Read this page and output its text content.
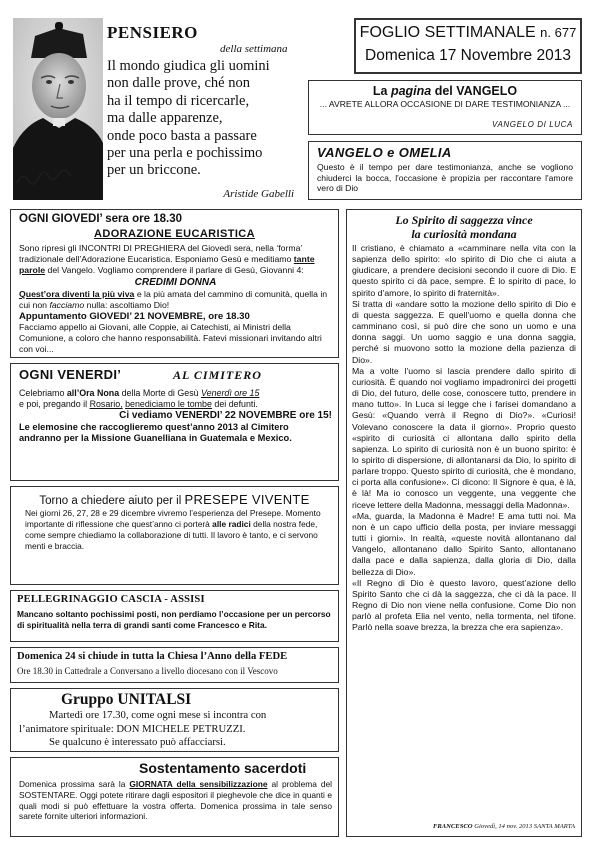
PENSIERO
della settimana
Il mondo giudica gli uomini
non dalle prove, ché non
ha il tempo di ricercarle,
ma dalle apparenze,
onde poco basta a passare
per una perla e pochissimo
per un briccone.
Aristide Gabelli
FOGLIO SETTIMANALE n. 677
Domenica 17 Novembre 2013
La pagina del VANGELO
... AVRETE ALLORA OCCASIONE DI DARE TESTIMONIANZA ...
VANGELO DI LUCA
VANGELO e OMELIA
Questo è il tempo per dare testimonianza, anche se vogliono chiuderci la bocca, l'occasione è propizia per raccontare l'amore vero di Dio
OGNI GIOVEDI’ sera ore 18.30
ADORAZIONE EUCARISTICA

Sono ripresi gli INCONTRI DI PREGHIERA del Giovedì sera, nella ‘forma’ tradizionale dell’Adorazione Eucaristica. Esponiamo Gesù e meditiamo tante parole del Vangelo. Vogliamo comprendere il parlare di Gesù, Giovanni 4:

CREDIMI DONNA

Quest’ora diventi la più viva e la più amata del cammino di comunità, quella in cui non facciamo nulla: ascoltiamo Dio!

Appuntamento GIOVEDI’ 21 NOVEMBRE, ore 18.30

Facciamo appello ai Giovani, alle Coppie, ai Catechisti, ai Ministri della Comunione, a coloro che hanno responsabilità. Fatevi missionari invitando altri con voi...

OGNI VENERDI’	AL CIMITERO

Celebriamo all’Ora Nona della Morte di Gesù Venerdì ore 15

e poi, pregando il Rosario, benediciamo le tombe dei defunti.

Ci vediamo VENERDI’ 22 NOVEMBRE ore 15!

Le elemosine che raccoglieremo quest’anno 2013 al Cimitero andranno per la Missione Guanelliana in Guatemala e Mexico.

Torno a chiedere aiuto per il PRESEPE VIVENTE
Nei giorni 26, 27, 28 e 29 dicembre vivremo l’esperienza del Presepe. Momento importante di riflessione che quest’anno ci porterà alle radici della nostra fede, come sempre chiediamo la collaborazione di tutti. Il lavoro è tanto, e ci servono menti e braccia.
PELLEGRINAGGIO CASCIA - ASSISI
Mancano soltanto pochissimi posti, non perdiamo l’occasione per un percorso di spiritualità nella terra di grandi santi come Francesco e Rita.
Domenica 24 si chiude in tutta la Chiesa l’Anno della FEDE
Ore 18.30 in Cattedrale a Conversano a livello diocesano con il Vescovo
Gruppo UNITALSI
Martedì ore 17.30, come ogni mese si incontra con
l’animatore spirituale: DON MICHELE PETRUZZI.
Se qualcuno è interessato può affacciarsi.
Sostentamento sacerdoti
Domenica prossima sarà la GIORNATA della sensibilizzazione al problema del SOSTENTARE. Oggi potete ritirare dagli espositori il pieghevole che dice in quanti e quali modi si può effettuare la vostra offerta. Domenica prossima in tale senso sarete fornite ulteriori informazioni.
Lo Spirito di saggezza vince
la curiosità mondana

Il cristiano, è chiamato a «camminare nella vita con la sapienza dello spirito: «lo spirito di Dio che ci aiuta a giudicare, a prendere decisioni secondo il cuore di Dio. E questo spirito ci dà pace, sempre. È lo spirito di pace, lo spirito d’amore, lo spirito di fraternità».

Si tratta di «andare sotto la mozione dello spirito di Dio e di questa saggezza. E quell’uomo e quella donna che camminano così, si può dire che sono un uomo e una donna saggi. Un uomo saggio e una donna saggia, perché si muovono sotto la mozione della pazienza di Dio».

Ma a volte l’uomo si lascia prendere dallo spirito di curiosità. È quando noi vogliamo impadronirci dei progetti di Dio, del futuro, delle cose, conoscere tutto, prendere in mano tutto». In Luca si legge che i farisei domandano a Gesù: «Quando verrà il Regno di Dio?». «Curiosi! Volevano conoscere la data il giorno». Proprio questo «spirito di curiosità ci allontana dallo spirito della sapienza. Lo spirito di curiosità non è un buono spirito: è lo spirito di dispersione, di allontanarsi da Dio, lo spirito di parlare troppo. Questo spirito di curiosità, che è mondano, ci porta alla confusione». Ci dicono: Il Signore è qua, è là, è là! Ma io conosco un veggente, una veggente che riceve lettere della Madonna, messaggi della Madonna».

«Ma, guarda, la Madonna è Madre! E ama tutti noi. Ma non è un capo ufficio della posta, per inviare messaggi tutti i giorni». In realtà, «queste novità allontanano dal Vangelo, allontanano dallo Spirito Santo, allontanano dalla pace e dalla sapienza, dalla gloria di Dio, dalla bellezza di Dio».

«Il Regno di Dio è questo lavoro, quest’azione dello Spirito Santo che ci dà la saggezza, che ci dà la pace. Il Regno di Dio non viene nella confusione. Come Dio non parlò al profeta Elia nel vento, nella tormenta, nel tifone. Parlò nella soave brezza, la brezza che era sapienza».

FRANCESCO Giovedì, 14 nov. 2013 SANTA MARTA
